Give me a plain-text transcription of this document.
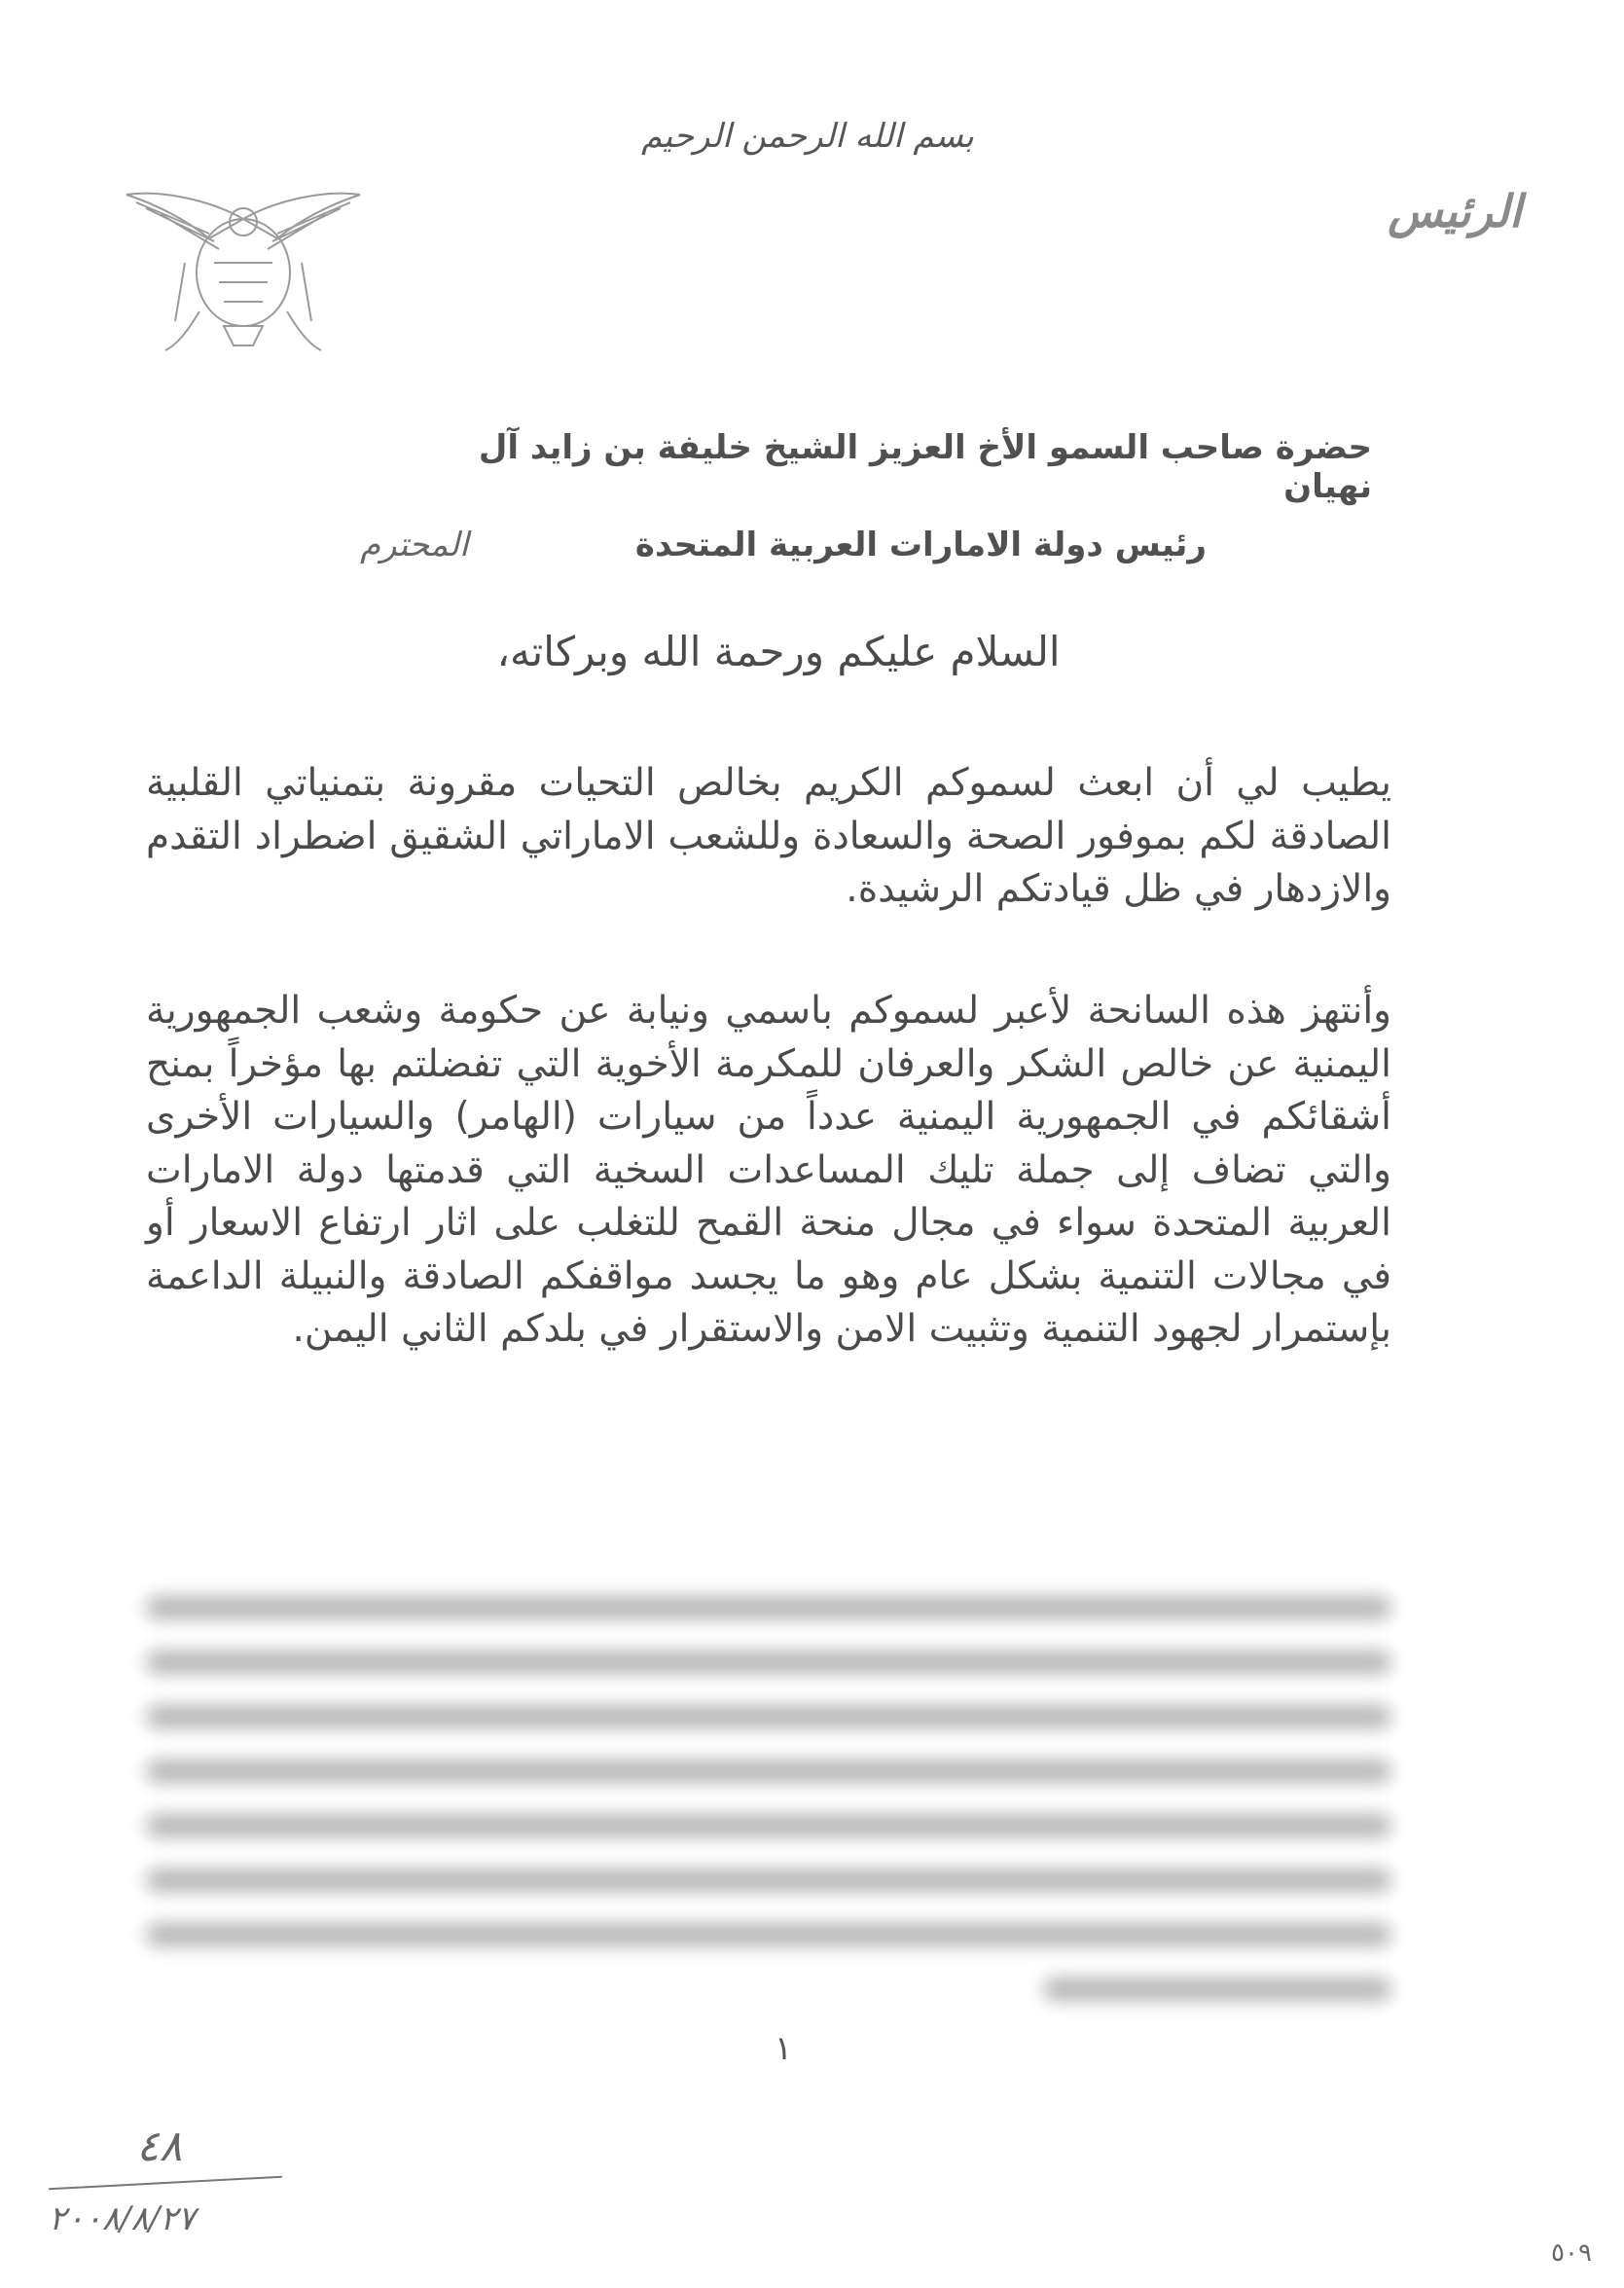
بسم الله الرحمن الرحيم
الرئيس
حضرة صاحب السمو الأخ العزيز الشيخ خليفة بن زايد آل نهيان
رئيس دولة الامارات العربية المتحدة
المحترم
السلام عليكم ورحمة الله وبركاته،
يطيب لي أن ابعث لسموكم الكريم بخالص التحيات مقرونة بتمنياتي القلبية الصادقة لكم بموفور الصحة والسعادة وللشعب الاماراتي الشقيق اضطراد التقدم والازدهار في ظل قيادتكم الرشيدة.
وأنتهز هذه السانحة لأعبر لسموكم باسمي ونيابة عن حكومة وشعب الجمهورية اليمنية عن خالص الشكر والعرفان للمكرمة الأخوية التي تفضلتم بها مؤخراً بمنح أشقائكم في الجمهورية اليمنية عدداً من سيارات (الهامر) والسيارات الأخرى والتي تضاف إلى جملة تليك المساعدات السخية التي قدمتها دولة الامارات العربية المتحدة سواء في مجال منحة القمح للتغلب على اثار ارتفاع الاسعار أو في مجالات التنمية بشكل عام وهو ما يجسد مواقفكم الصادقة والنبيلة الداعمة بإستمرار لجهود التنمية وتثبيت الامن والاستقرار في بلدكم الثاني اليمن.
١
٤٨
٢٠٠٨/٨/٢٧
٥٠٩
